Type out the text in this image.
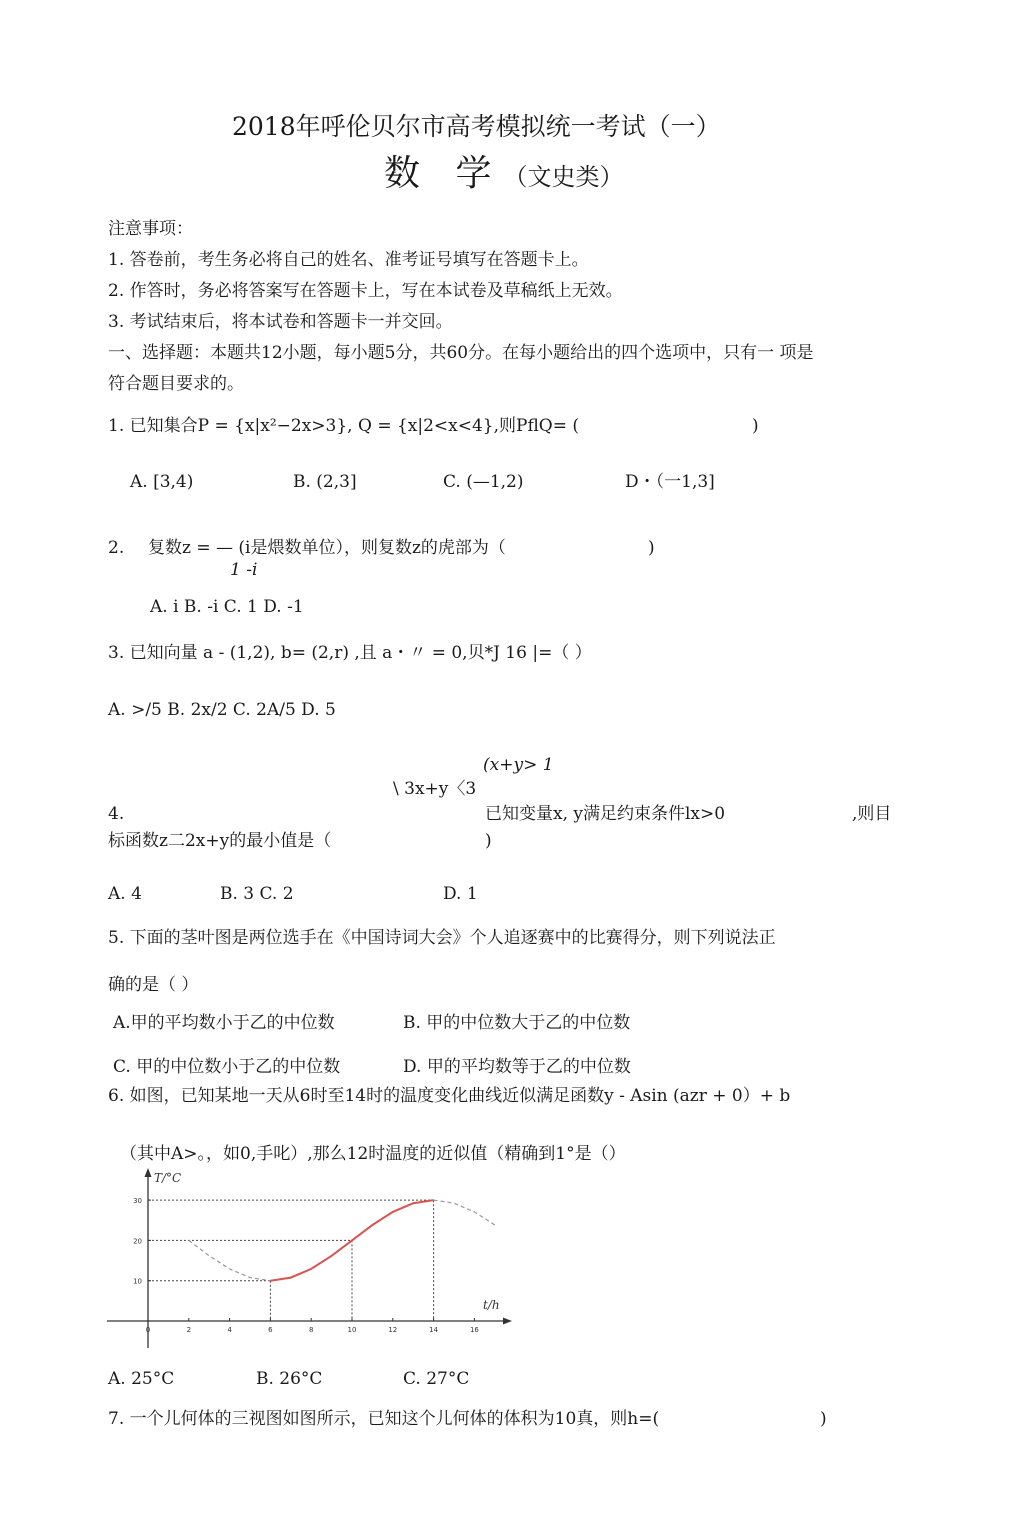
2018年呼伦贝尔市高考模拟统一考试（一）
数 学（文史类）
注意事项：
1. 答卷前，考生务必将自己的姓名、准考证号填写在答题卡上。
2. 作答时，务必将答案写在答题卡上，写在本试卷及草稿纸上无效。
3. 考试结束后，将本试卷和答题卡一并交回。
一、选择题：本题共12小题，每小题5分，共60分。在每小题给出的四个选项中，只有一 项是
符合题目要求的。
1. 已知集合P = {x|x²−2x>3}, Q = {x|2<x<4},则PflQ= (	)
A. [3,4)	B. (2,3]	C. (—1,2)	D・（一1,3]
2. 复数z = — (i是煨数单位），则复数z的虎部为（	)
1 -i
A. i B. -i C. 1 D. -1
3. 已知向量 a - (1,2), b= (2,r) ,且 a・〃 = 0,贝*J 16 |=（ ）
A. >/5 B. 2x/2 C. 2A/5 D. 5
(x+y> 1
\ 3x+y〈3
4.	已知变量x, y满足约束条件lx>0	,则目
标函数z二2x+y的最小值是（	)
A. 4	B. 3 C. 2	D. 1
5. 下面的茎叶图是两位选手在《中国诗词大会》个人追逐赛中的比赛得分，则下列说法正
确的是（ ）
A.甲的平均数小于乙的中位数	B. 甲的中位数大于乙的中位数
C. 甲的中位数小于乙的中位数	D. 甲的平均数等于乙的中位数
6. 如图，已知某地一天从6时至14时的温度变化曲线近似满足函数y - Asin (azr + 0）+ b
（其中A>。，如0,手叱）,那么12时温度的近似值（精确到1°是（）
T/°C
t/h
0	2	4	6	8	10	12	14	16
10
20
30
A. 25°C	B. 26°C	C. 27°C
7. 一个儿何体的三视图如图所示，已知这个儿何体的体积为10真，则h=(	)
